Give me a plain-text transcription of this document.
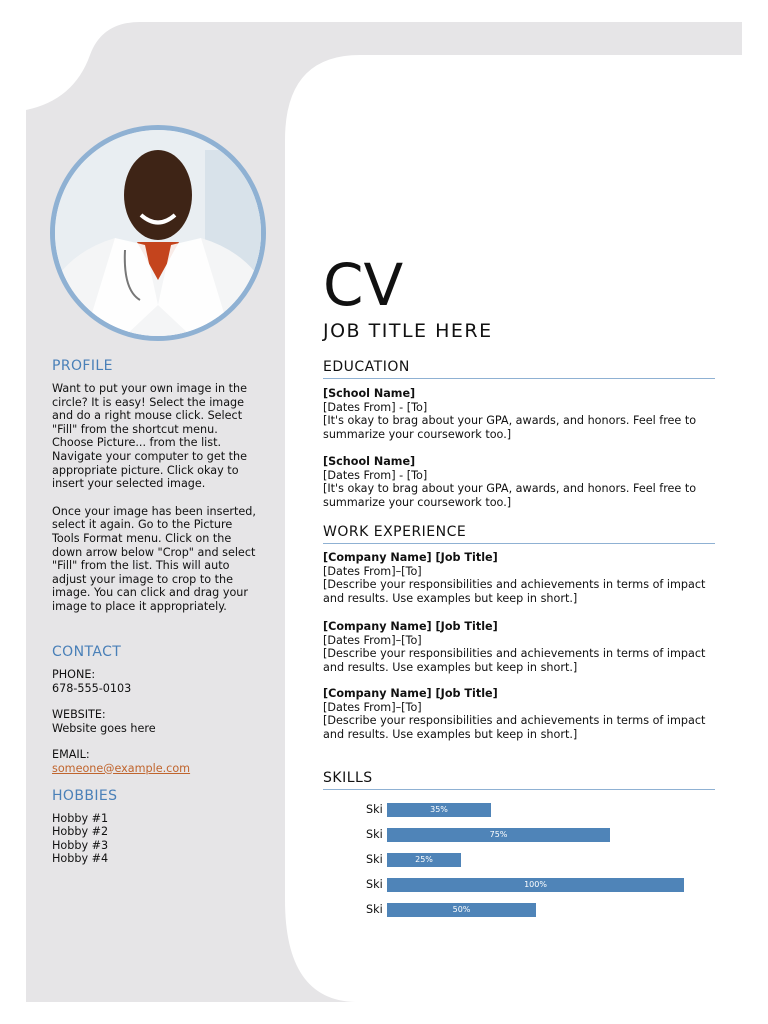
PROFILE

Want to put your own image in the
circle? It is easy! Select the image
and do a right mouse click. Select
"Fill" from the shortcut menu.
Choose Picture... from the list.
Navigate your computer to get the
appropriate picture. Click okay to
insert your selected image.

Once your image has been inserted,
select it again. Go to the Picture
Tools Format menu. Click on the
down arrow below "Crop" and select
"Fill" from the list. This will auto
adjust your image to crop to the
image. You can click and drag your
image to place it appropriately.

CONTACT
PHONE:
678-555-0103
WEBSITE:
Website goes here
EMAIL:
someone@example.com
HOBBIES
Hobby #1
Hobby #2
Hobby #3
Hobby #4
CV
JOB TITLE HERE
EDUCATION
[School Name]
[Dates From] - [To]
[It's okay to brag about your GPA, awards, and honors. Feel free to
summarize your coursework too.]
[School Name]
[Dates From] - [To]
[It's okay to brag about your GPA, awards, and honors. Feel free to
summarize your coursework too.]
WORK EXPERIENCE
[Company Name] [Job Title]
[Dates From]–[To]
[Describe your responsibilities and achievements in terms of impact
and results. Use examples but keep in short.]
[Company Name] [Job Title]
[Dates From]–[To]
[Describe your responsibilities and achievements in terms of impact
and results. Use examples but keep in short.]
[Company Name] [Job Title]
[Dates From]–[To]
[Describe your responsibilities and achievements in terms of impact
and results. Use examples but keep in short.]
SKILLS
Ski	35%
Ski	75%
Ski	25%
Ski	100%
Ski	50%
